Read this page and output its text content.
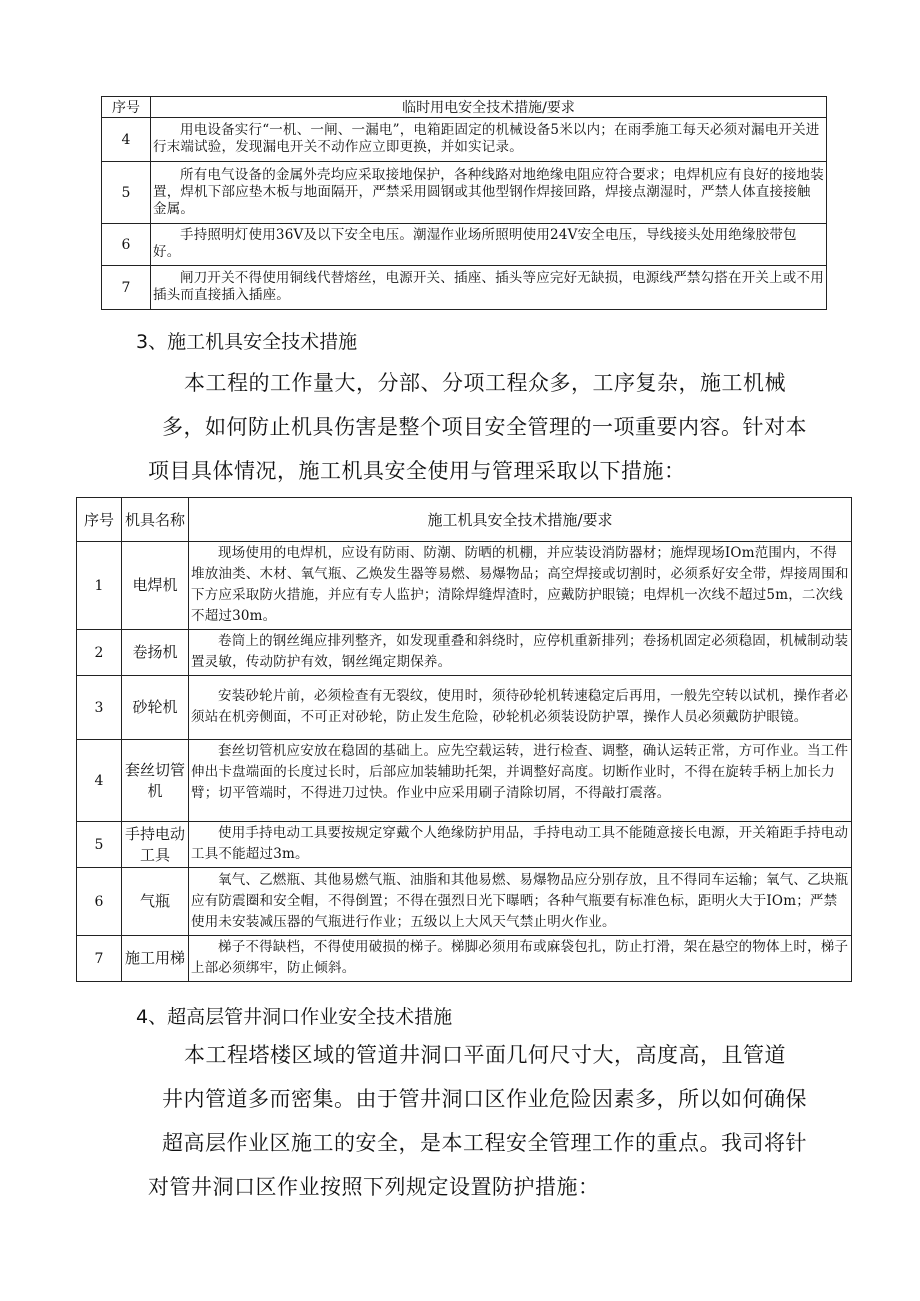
序号	临时用电安全技术措施/要求
4	用电设备实行“一机、一闸、一漏电”，电箱距固定的机械设备5米以内；在雨季施工每天必须对漏电开关进行末端试验，发现漏电开关不动作应立即更换，并如实记录。
5	所有电气设备的金属外壳均应采取接地保护，各种线路对地绝缘电阻应符合要求；电焊机应有良好的接地装置，焊机下部应垫木板与地面隔开，严禁采用圆钢或其他型钢作焊接回路，焊接点潮湿时，严禁人体直接接触金属。
6	手持照明灯使用36V及以下安全电压。潮湿作业场所照明使用24V安全电压，导线接头处用绝缘胶带包好。
7	闸刀开关不得使用铜线代替熔丝，电源开关、插座、插头等应完好无缺损，电源线严禁勾搭在开关上或不用插头而直接插入插座。
3、施工机具安全技术措施
本工程的工作量大，分部、分项工程众多，工序复杂，施工机械
多，如何防止机具伤害是整个项目安全管理的一项重要内容。针对本
项目具体情况，施工机具安全使用与管理采取以下措施：
序号	机具名称	施工机具安全技术措施/要求
1	电焊机	现场使用的电焊机，应设有防雨、防潮、防晒的机棚，并应装设消防器材；施焊现场IOm范围内，不得堆放油类、木材、氧气瓶、乙焕发生器等易燃、易爆物品；高空焊接或切割时，必须系好安全带，焊接周围和下方应采取防火措施，并应有专人监护；清除焊缝焊渣时，应戴防护眼镜；电焊机一次线不超过5m，二次线不超过30m。
2	卷扬机	卷筒上的钢丝绳应排列整齐，如发现重叠和斜绕时，应停机重新排列；卷扬机固定必须稳固，机械制动装置灵敏，传动防护有效，钢丝绳定期保养。
3	砂轮机	安装砂轮片前，必须检查有无裂纹，使用时，须待砂轮机转速稳定后再用，一般先空转以试机，操作者必须站在机旁侧面，不可正对砂轮，防止发生危险，砂轮机必须装设防护罩，操作人员必须戴防护眼镜。
4	套丝切管机	套丝切管机应安放在稳固的基础上。应先空载运转，进行检查、调整，确认运转正常，方可作业。当工件伸出卡盘端面的长度过长时，后部应加装辅助托架，并调整好高度。切断作业时，不得在旋转手柄上加长力臂；切平管端时，不得进刀过快。作业中应采用刷子清除切屑，不得敲打震落。
5	手持电动工具	使用手持电动工具要按规定穿戴个人绝缘防护用品，手持电动工具不能随意接长电源，开关箱距手持电动工具不能超过3m。
6	气瓶	氧气、乙燃瓶、其他易燃气瓶、油脂和其他易燃、易爆物品应分别存放，且不得同车运输；氧气、乙块瓶应有防震圈和安全帽，不得倒置；不得在强烈日光下曝晒；各种气瓶要有标准色标，距明火大于IOm；严禁使用未安装减压器的气瓶进行作业；五级以上大风天气禁止明火作业。
7	施工用梯	梯子不得缺档，不得使用破损的梯子。梯脚必须用布或麻袋包扎，防止打滑，架在悬空的物体上时，梯子上部必须绑牢，防止倾斜。
4、超高层管井洞口作业安全技术措施
本工程塔楼区域的管道井洞口平面几何尺寸大，高度高，且管道
井内管道多而密集。由于管井洞口区作业危险因素多，所以如何确保
超高层作业区施工的安全，是本工程安全管理工作的重点。我司将针
对管井洞口区作业按照下列规定设置防护措施：
